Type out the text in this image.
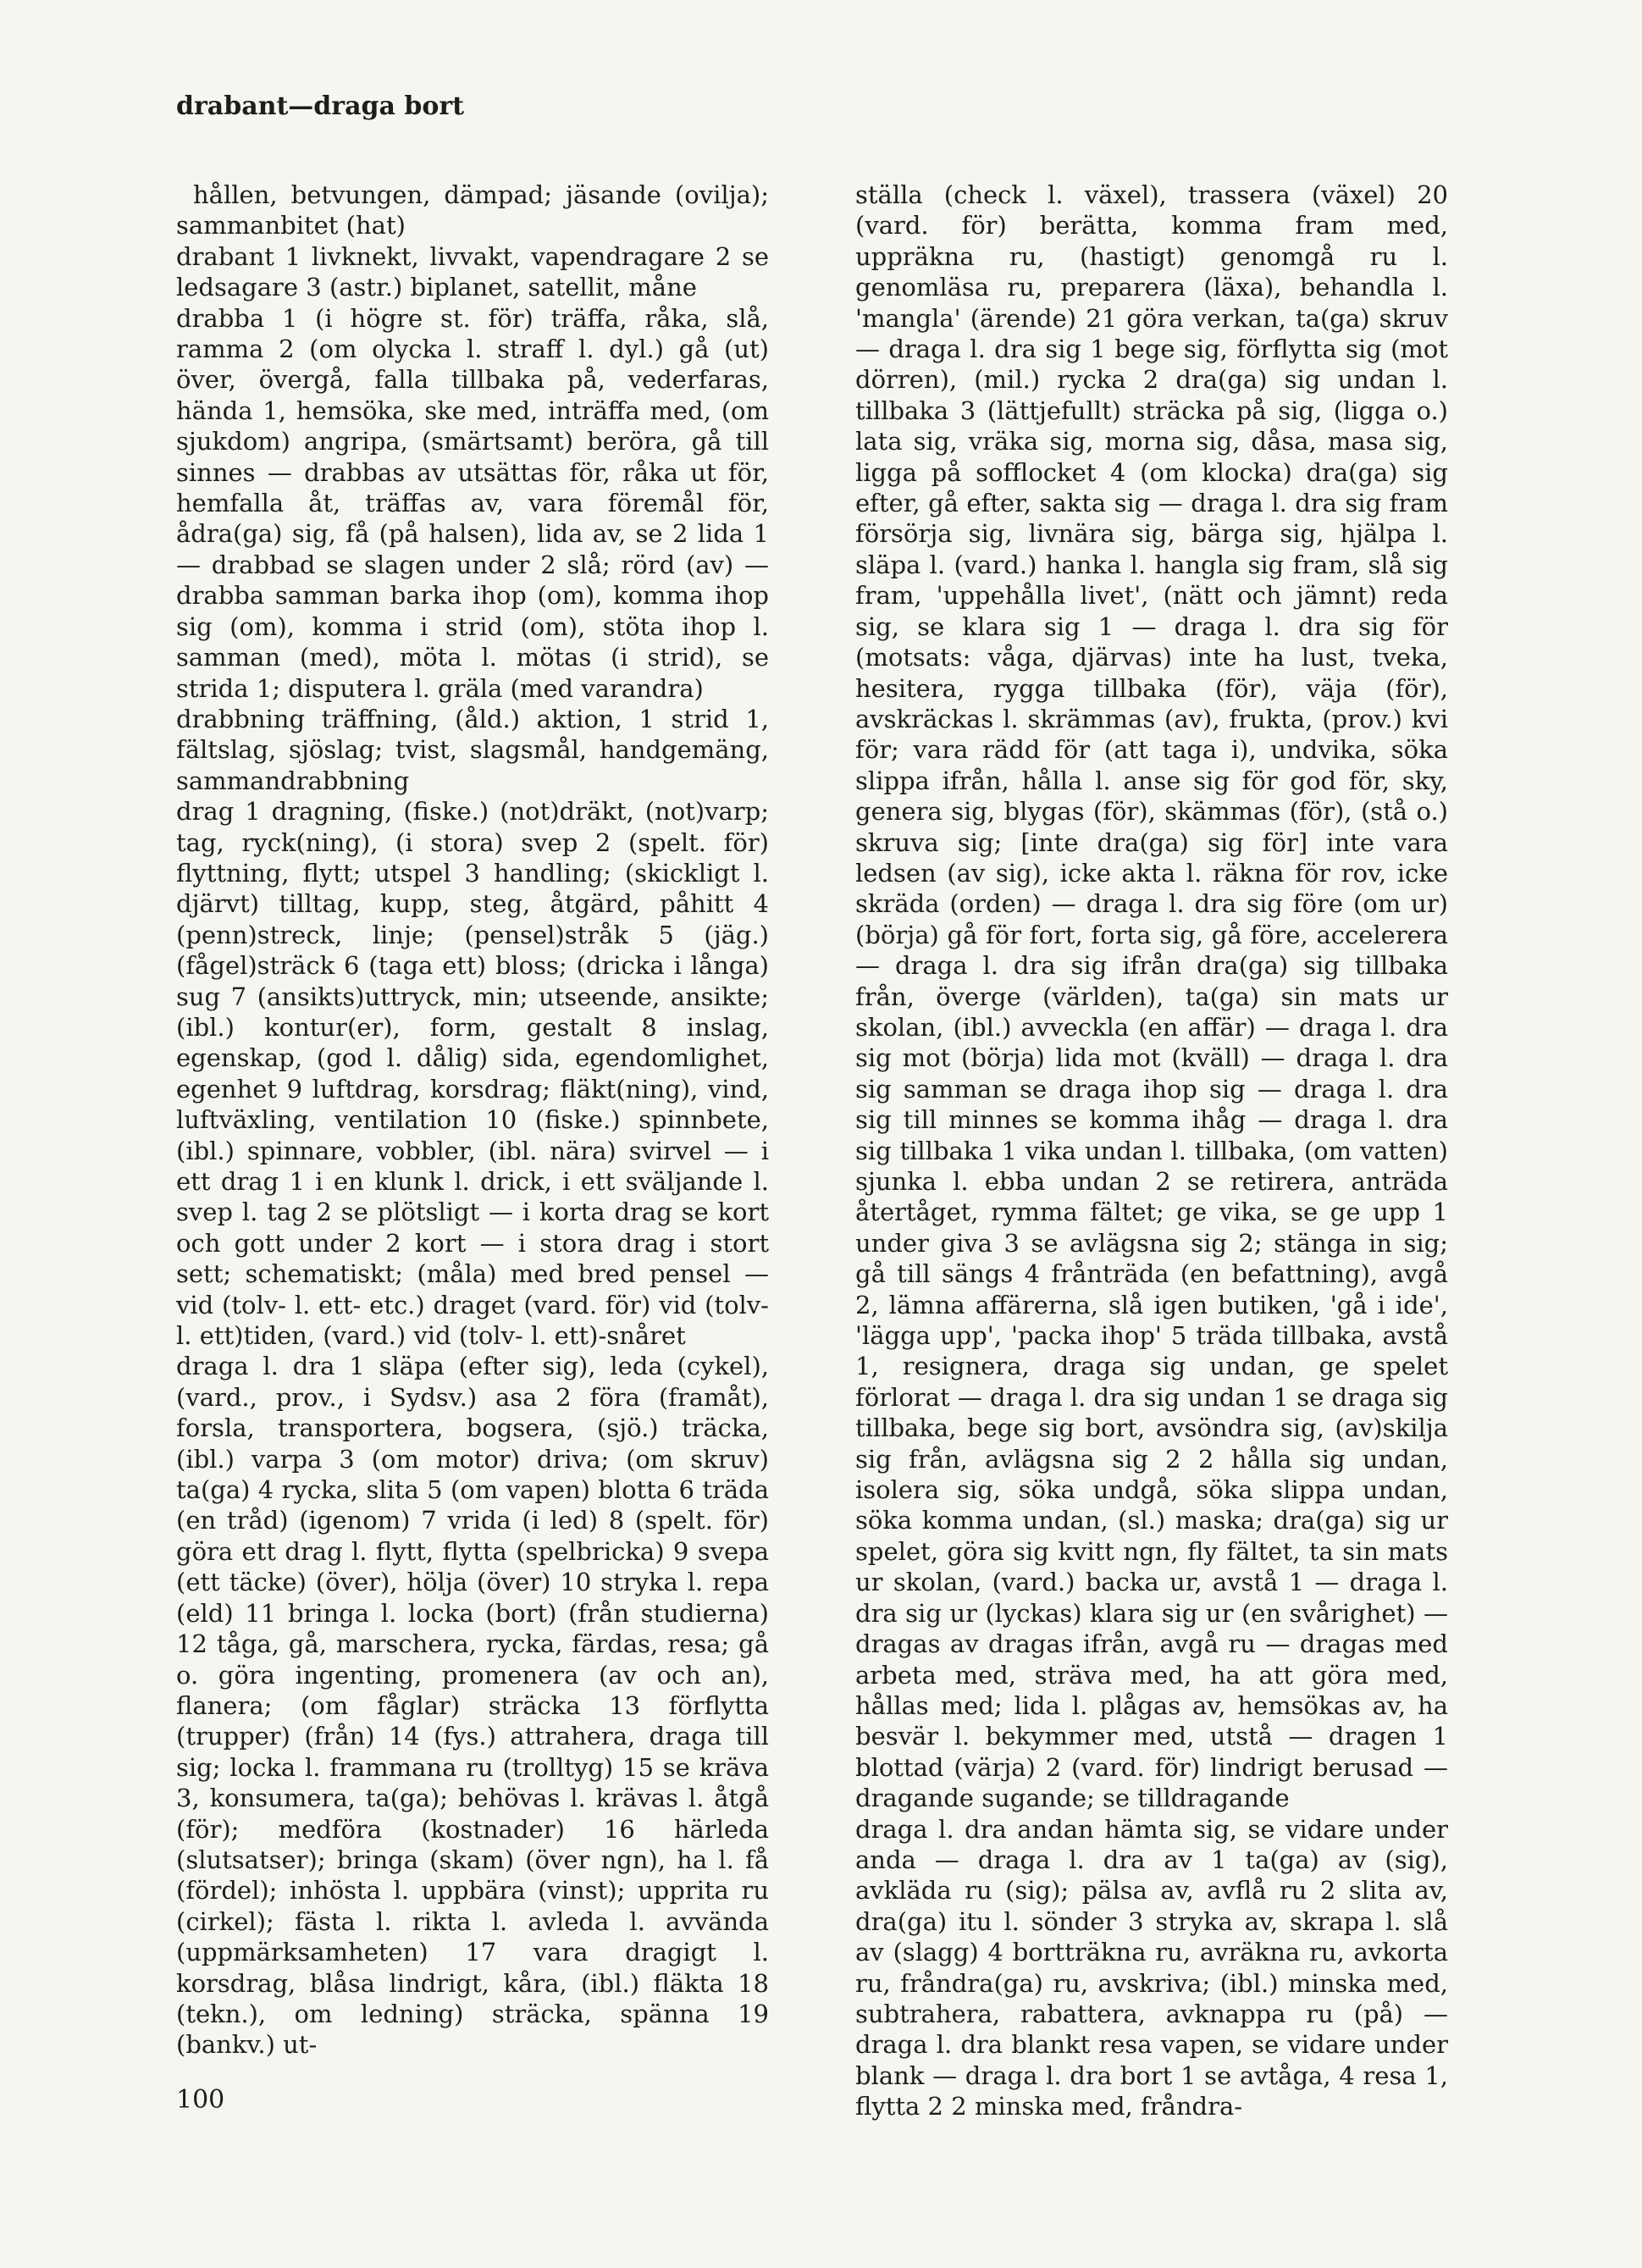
drabant—draga bort

hållen, betvungen, dämpad; jäsande (ovilja); sammanbitet (hat)

drabant 1 livknekt, livvakt, vapendragare 2 se ledsagare 3 (astr.) biplanet, satellit, måne

drabba 1 (i högre st. för) träffa, råka, slå, ramma 2 (om olycka l. straff l. dyl.) gå (ut) över, övergå, falla tillbaka på, vederfaras, hända 1, hemsöka, ske med, inträffa med, (om sjukdom) angripa, (smärtsamt) beröra, gå till sinnes — drabbas av utsättas för, råka ut för, hemfalla åt, träffas av, vara föremål för, ådra(ga) sig, få (på halsen), lida av, se 2 lida 1 — drabbad se slagen under 2 slå; rörd (av) — drabba samman barka ihop (om), komma ihop sig (om), komma i strid (om), stöta ihop l. samman (med), möta l. mötas (i strid), se strida 1; disputera l. gräla (med varandra)

drabbning träffning, (åld.) aktion, 1 strid 1, fältslag, sjöslag; tvist, slagsmål, handgemäng, sammandrabbning

drag 1 dragning, (fiske.) (not)dräkt, (not)varp; tag, ryck(ning), (i stora) svep 2 (spelt. för) flyttning, flytt; utspel 3 handling; (skickligt l. djärvt) tilltag, kupp, steg, åtgärd, påhitt 4 (penn)streck, linje; (pensel)stråk 5 (jäg.) (fågel)sträck 6 (taga ett) bloss; (dricka i långa) sug 7 (ansikts)uttryck, min; utseende, ansikte; (ibl.) kontur(er), form, gestalt 8 inslag, egenskap, (god l. dålig) sida, egendomlighet, egenhet 9 luftdrag, korsdrag; fläkt(ning), vind, luftväxling, ventilation 10 (fiske.) spinnbete, (ibl.) spinnare, vobbler, (ibl. nära) svirvel — i ett drag 1 i en klunk l. drick, i ett sväljande l. svep l. tag 2 se plötsligt — i korta drag se kort och gott under 2 kort — i stora drag i stort sett; schematiskt; (måla) med bred pensel — vid (tolv- l. ett- etc.) draget (vard. för) vid (tolv- l. ett)tiden, (vard.) vid (tolv- l. ett)-snåret

draga l. dra 1 släpa (efter sig), leda (cykel), (vard., prov., i Sydsv.) asa 2 föra (framåt), forsla, transportera, bogsera, (sjö.) träcka, (ibl.) varpa 3 (om motor) driva; (om skruv) ta(ga) 4 rycka, slita 5 (om vapen) blotta 6 träda (en tråd) (igenom) 7 vrida (i led) 8 (spelt. för) göra ett drag l. flytt, flytta (spelbricka) 9 svepa (ett täcke) (över), hölja (över) 10 stryka l. repa (eld) 11 bringa l. locka (bort) (från studierna) 12 tåga, gå, marschera, rycka, färdas, resa; gå o. göra ingenting, promenera (av och an), flanera; (om fåglar) sträcka 13 förflytta (trupper) (från) 14 (fys.) attrahera, draga till sig; locka l. frammana ru (trolltyg) 15 se kräva 3, konsumera, ta(ga); behövas l. krävas l. åtgå (för); medföra (kostnader) 16 härleda (slutsatser); bringa (skam) (över ngn), ha l. få (fördel); inhösta l. uppbära (vinst); upprita ru (cirkel); fästa l. rikta l. avleda l. avvända (uppmärksamheten) 17 vara dragigt l. korsdrag, blåsa lindrigt, kåra, (ibl.) fläkta 18 (tekn.), om ledning) sträcka, spänna 19 (bankv.) ut-

ställa (check l. växel), trassera (växel) 20 (vard. för) berätta, komma fram med, uppräkna ru, (hastigt) genomgå ru l. genomläsa ru, preparera (läxa), behandla l. 'mangla' (ärende) 21 göra verkan, ta(ga) skruv — draga l. dra sig 1 bege sig, förflytta sig (mot dörren), (mil.) rycka 2 dra(ga) sig undan l. tillbaka 3 (lättjefullt) sträcka på sig, (ligga o.) lata sig, vräka sig, morna sig, dåsa, masa sig, ligga på sofflocket 4 (om klocka) dra(ga) sig efter, gå efter, sakta sig — draga l. dra sig fram försörja sig, livnära sig, bärga sig, hjälpa l. släpa l. (vard.) hanka l. hangla sig fram, slå sig fram, 'uppehålla livet', (nätt och jämnt) reda sig, se klara sig 1 — draga l. dra sig för (motsats: våga, djärvas) inte ha lust, tveka, hesitera, rygga tillbaka (för), väja (för), avskräckas l. skrämmas (av), frukta, (prov.) kvi för; vara rädd för (att taga i), undvika, söka slippa ifrån, hålla l. anse sig för god för, sky, genera sig, blygas (för), skämmas (för), (stå o.) skruva sig; [inte dra(ga) sig för] inte vara ledsen (av sig), icke akta l. räkna för rov, icke skräda (orden) — draga l. dra sig före (om ur) (börja) gå för fort, forta sig, gå före, accelerera — draga l. dra sig ifrån dra(ga) sig tillbaka från, överge (världen), ta(ga) sin mats ur skolan, (ibl.) avveckla (en affär) — draga l. dra sig mot (börja) lida mot (kväll) — draga l. dra sig samman se draga ihop sig — draga l. dra sig till minnes se komma ihåg — draga l. dra sig tillbaka 1 vika undan l. tillbaka, (om vatten) sjunka l. ebba undan 2 se retirera, anträda återtåget, rymma fältet; ge vika, se ge upp 1 under giva 3 se avlägsna sig 2; stänga in sig; gå till sängs 4 frånträda (en befattning), avgå 2, lämna affärerna, slå igen butiken, 'gå i ide', 'lägga upp', 'packa ihop' 5 träda tillbaka, avstå 1, resignera, draga sig undan, ge spelet förlorat — draga l. dra sig undan 1 se draga sig tillbaka, bege sig bort, avsöndra sig, (av)skilja sig från, avlägsna sig 2 2 hålla sig undan, isolera sig, söka undgå, söka slippa undan, söka komma undan, (sl.) maska; dra(ga) sig ur spelet, göra sig kvitt ngn, fly fältet, ta sin mats ur skolan, (vard.) backa ur, avstå 1 — draga l. dra sig ur (lyckas) klara sig ur (en svårighet) — dragas av dragas ifrån, avgå ru — dragas med arbeta med, sträva med, ha att göra med, hållas med; lida l. plågas av, hemsökas av, ha besvär l. bekymmer med, utstå — dragen 1 blottad (värja) 2 (vard. för) lindrigt berusad — dragande sugande; se tilldragande

draga l. dra andan hämta sig, se vidare under anda — draga l. dra av 1 ta(ga) av (sig), avkläda ru (sig); pälsa av, avflå ru 2 slita av, dra(ga) itu l. sönder 3 stryka av, skrapa l. slå av (slagg) 4 bortträkna ru, avräkna ru, avkorta ru, fråndra(ga) ru, avskriva; (ibl.) minska med, subtrahera, rabattera, avknappa ru (på) — draga l. dra blankt resa vapen, se vidare under blank — draga l. dra bort 1 se avtåga, 4 resa 1, flytta 2 2 minska med, fråndra-

100
